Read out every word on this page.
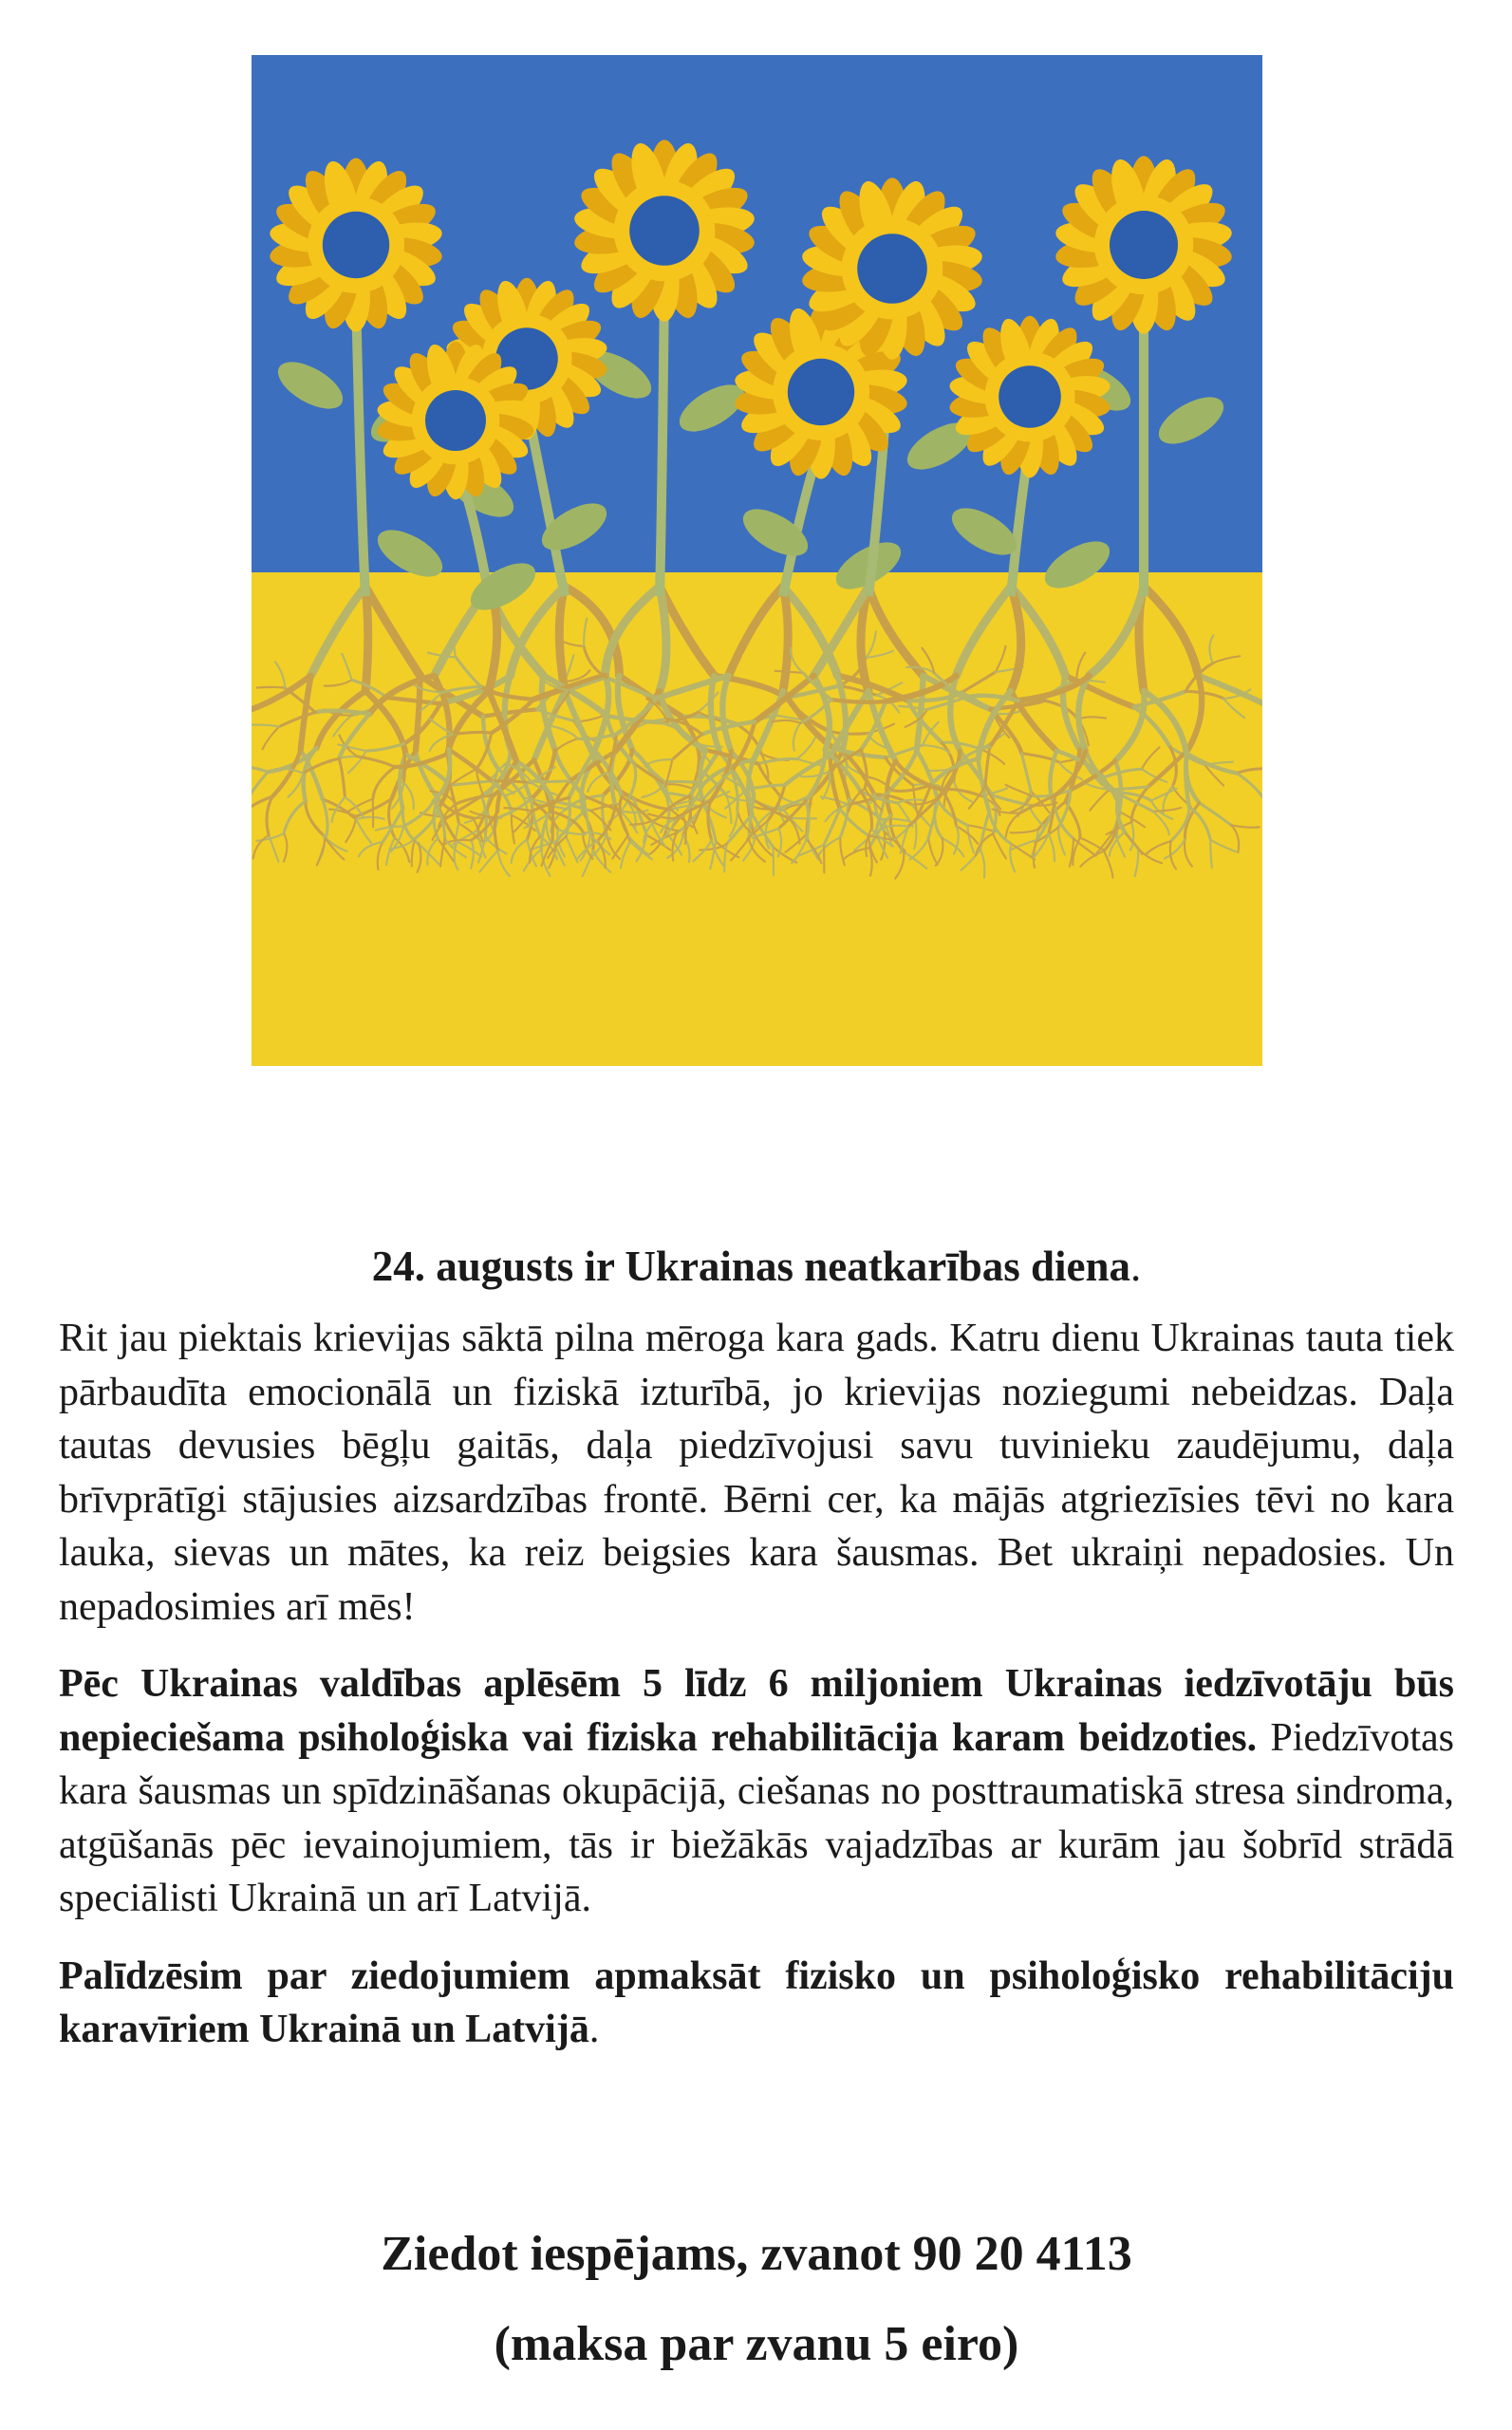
24. augusts ir Ukrainas neatkarības diena.

Rit jau piektais krievijas sāktā pilna mēroga kara gads. Katru dienu Ukrainas tauta tiek pārbaudīta emocionālā un fiziskā izturībā, jo krievijas noziegumi nebeidzas. Daļa tautas devusies bēgļu gaitās, daļa piedzīvojusi savu tuvinieku zaudējumu, daļa brīvprātīgi stājusies aizsardzības frontē. Bērni cer, ka mājās atgriezīsies tēvi no kara lauka, sievas un mātes, ka reiz beigsies kara šausmas. Bet ukraiņi nepadosies. Un nepadosimies arī mēs!

Pēc Ukrainas valdības aplēsēm 5 līdz 6 miljoniem Ukrainas iedzīvotāju būs nepieciešama psiholoģiska vai fiziska rehabilitācija karam beidzoties. Piedzīvotas kara šausmas un spīdzināšanas okupācijā, ciešanas no posttraumatiskā stresa sindroma, atgūšanās pēc ievainojumiem, tās ir biežākās vajadzības ar kurām jau šobrīd strādā speciālisti Ukrainā un arī Latvijā.

Palīdzēsim par ziedojumiem apmaksāt fizisko un psiholoģisko rehabilitāciju karavīriem Ukrainā un Latvijā.

Ziedot iespējams, zvanot 90 20 4113
(maksa par zvanu 5 eiro)
